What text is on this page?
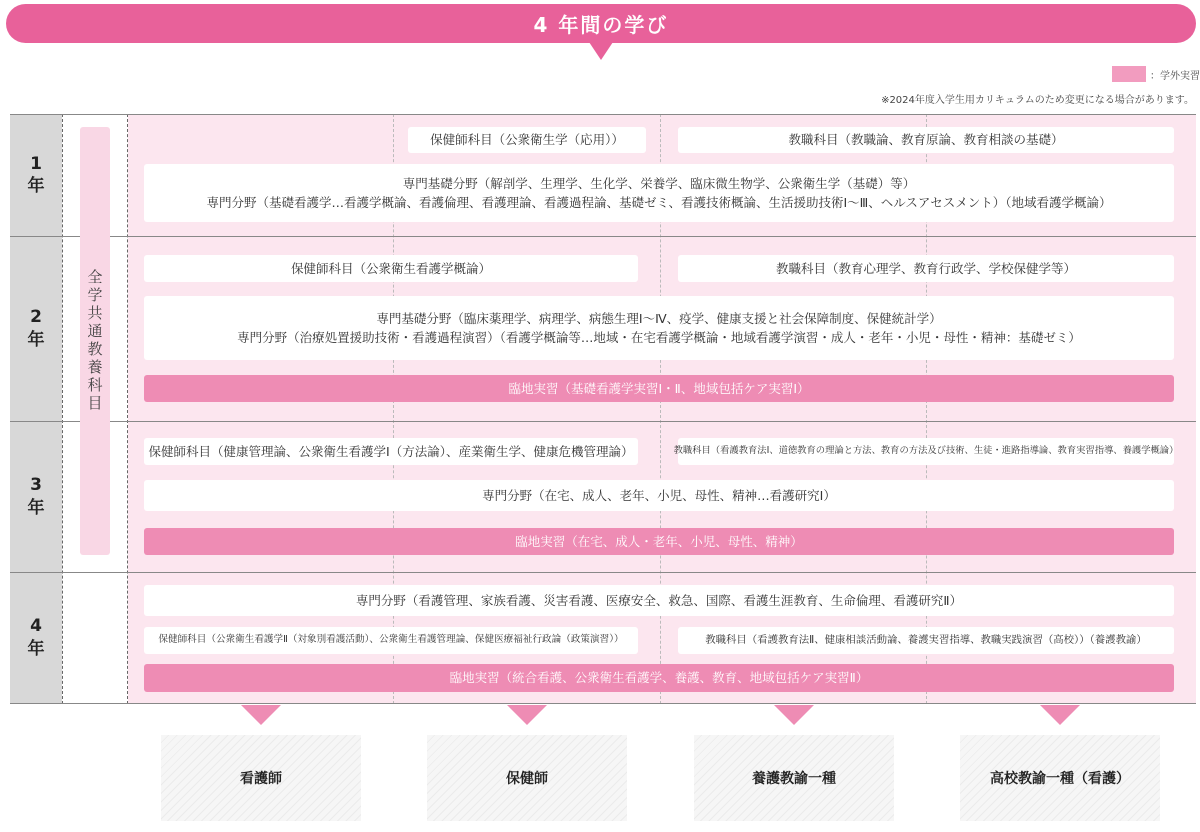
4 年間の学び
：学外実習
※2024年度入学生用カリキュラムのため変更になる場合があります。
1
年
2
年
3
年
4
年
全学共通教養科目
保健師科目（公衆衛生学（応用））	教職科目（教職論、教育原論、教育相談の基礎）
専門基礎分野（解剖学、生理学、生化学、栄養学、臨床微生物学、公衆衛生学（基礎）等）
専門分野（基礎看護学…看護学概論、看護倫理、看護理論、看護過程論、基礎ゼミ、看護技術概論、生活援助技術Ⅰ～Ⅲ、ヘルスアセスメント）（地域看護学概論）
保健師科目（公衆衛生看護学概論）	教職科目（教育心理学、教育行政学、学校保健学等）
専門基礎分野（臨床薬理学、病理学、病態生理Ⅰ～Ⅳ、疫学、健康支援と社会保障制度、保健統計学）
専門分野（治療処置援助技術・看護過程演習）（看護学概論等…地域・在宅看護学概論・地域看護学演習・成人・老年・小児・母性・精神：基礎ゼミ）
臨地実習（基礎看護学実習Ⅰ・Ⅱ、地域包括ケア実習Ⅰ）
保健師科目（健康管理論、公衆衛生看護学Ⅰ（方法論）、産業衛生学、健康危機管理論）	教職科目（看護教育法Ⅰ、道徳教育の理論と方法、教育の方法及び技術、生徒・進路指導論、教育実習指導、養護学概論）
専門分野（在宅、成人、老年、小児、母性、精神…看護研究Ⅰ）
臨地実習（在宅、成人・老年、小児、母性、精神）
専門分野（看護管理、家族看護、災害看護、医療安全、救急、国際、看護生涯教育、生命倫理、看護研究Ⅱ）
保健師科目（公衆衛生看護学Ⅱ（対象別看護活動）、公衆衛生看護管理論、保健医療福祉行政論（政策演習））	教職科目（看護教育法Ⅱ、健康相談活動論、養護実習指導、教職実践演習（高校））（養護教諭）
臨地実習（統合看護、公衆衛生看護学、養護、教育、地域包括ケア実習Ⅱ）
看護師	保健師	養護教諭一種	高校教諭一種（看護）
